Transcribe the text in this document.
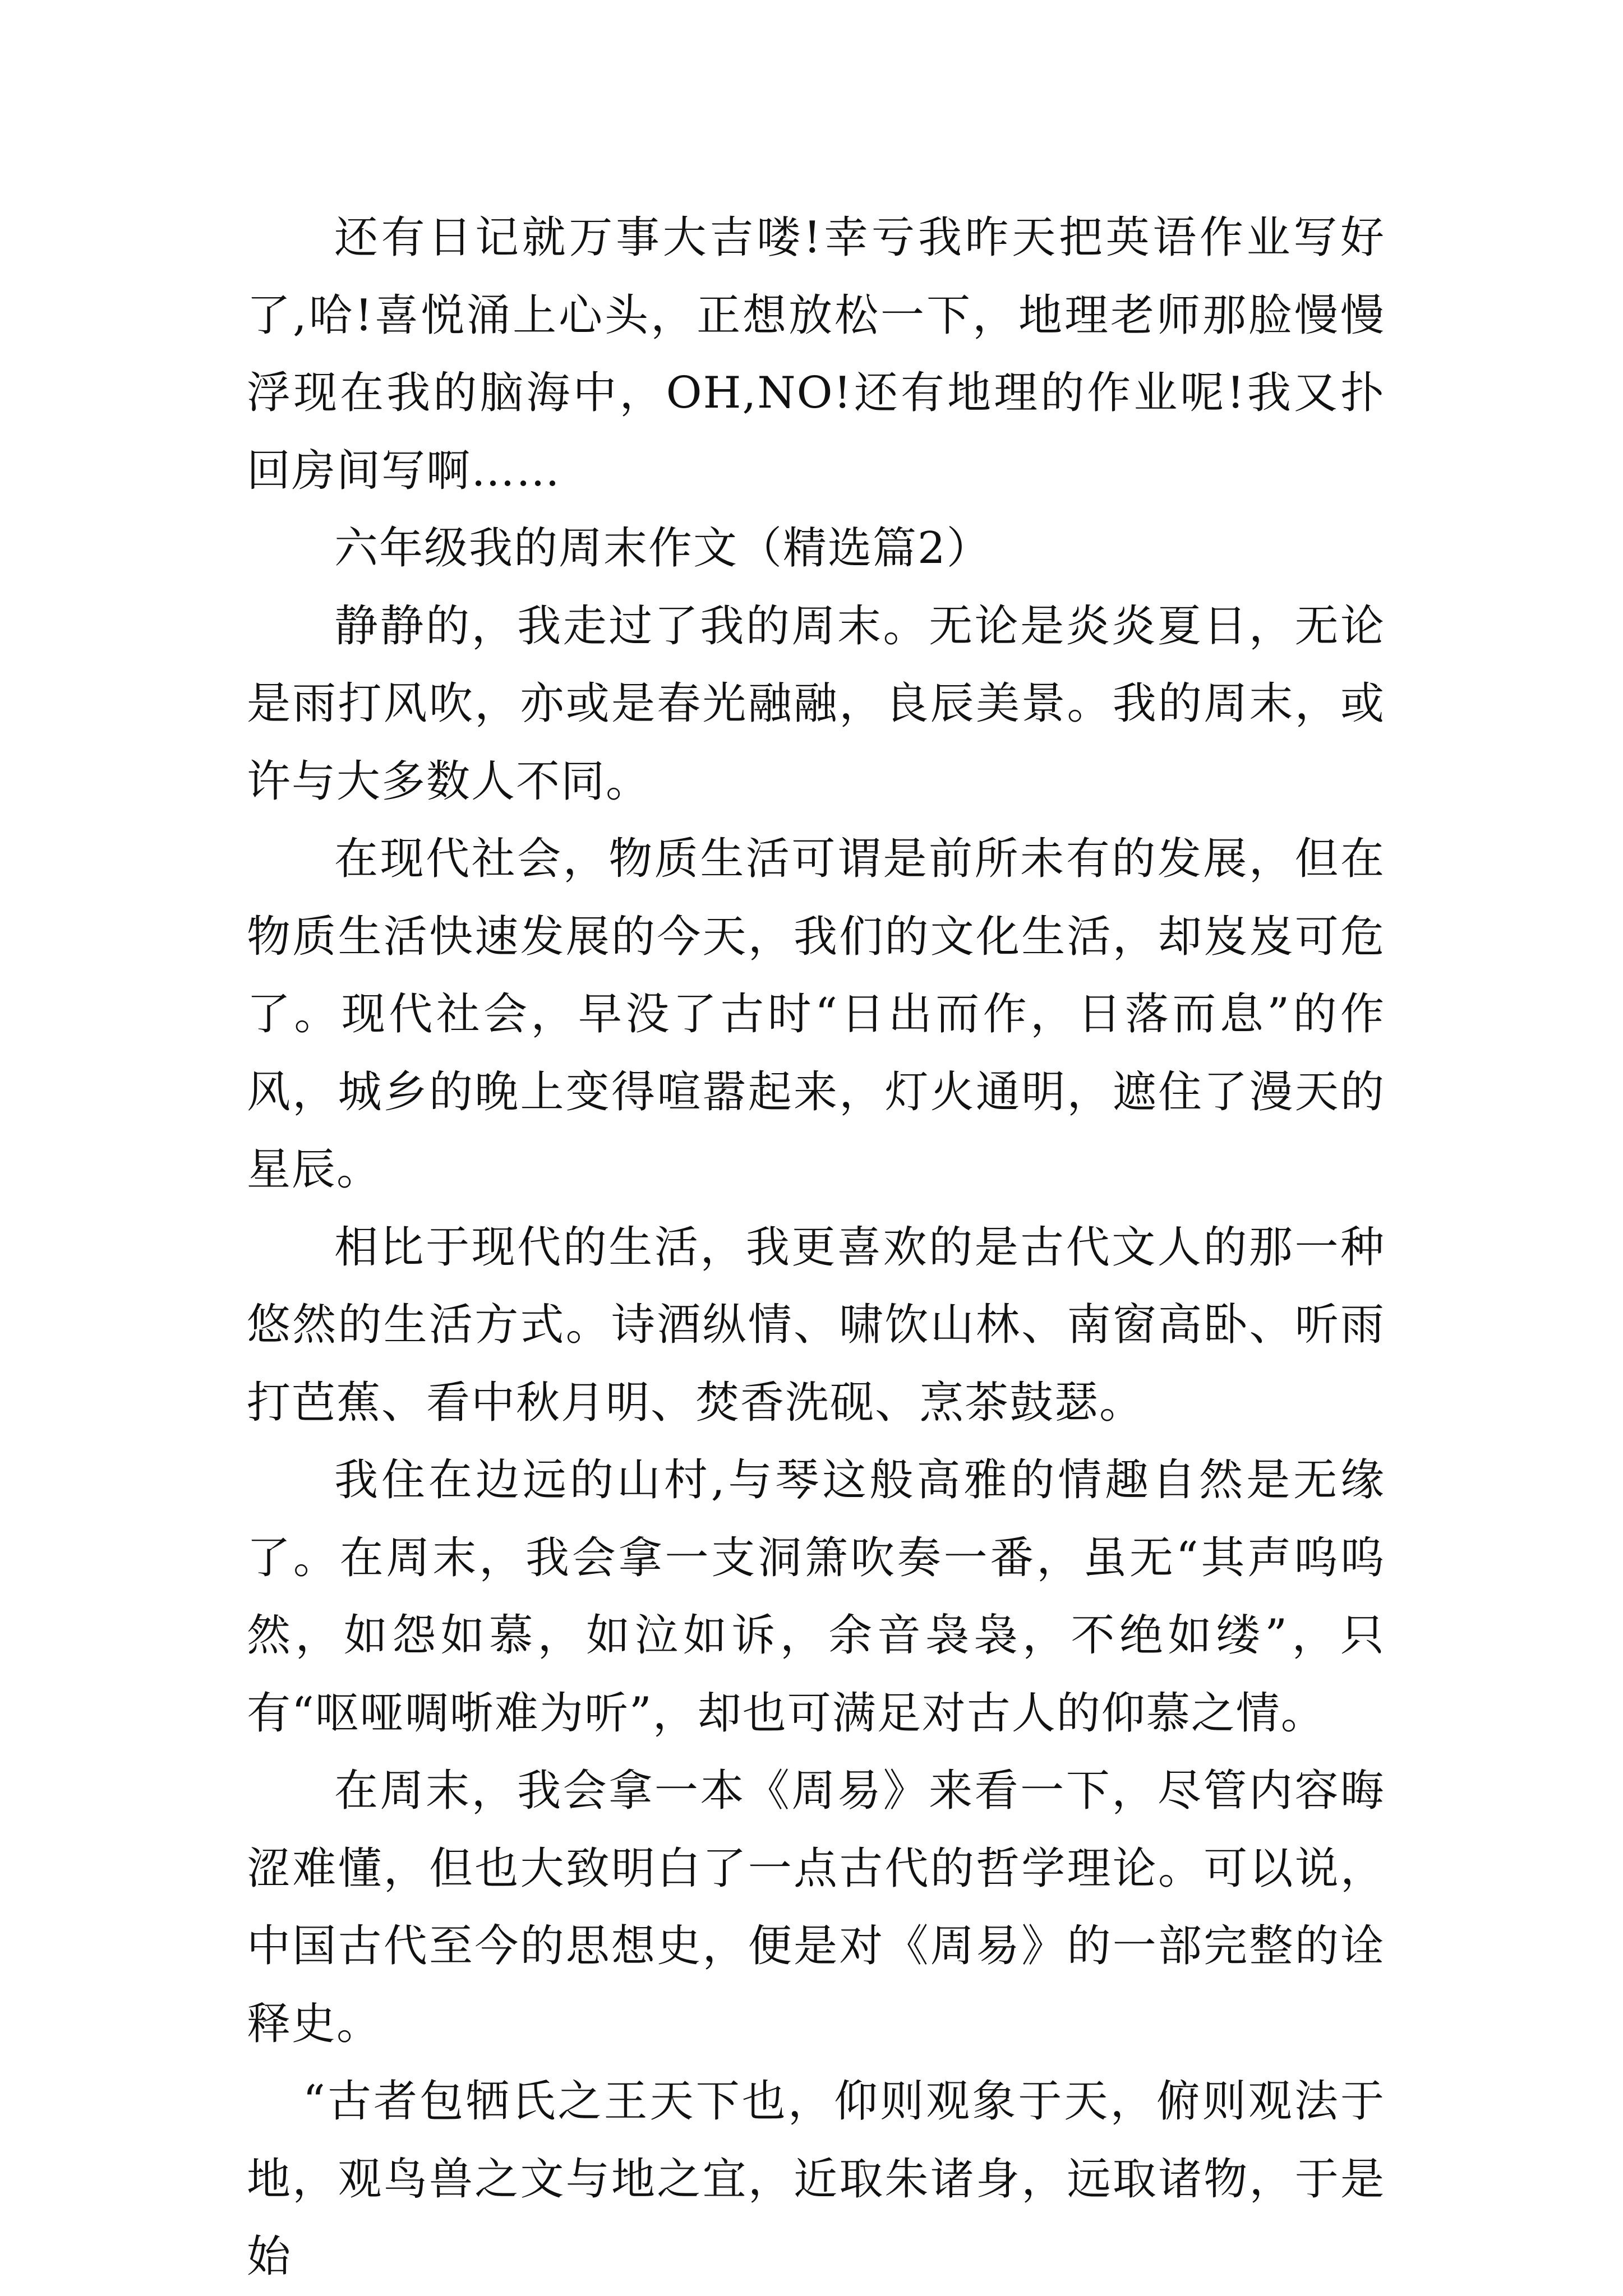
还有日记就万事大吉喽!幸亏我昨天把英语作业写好了,哈!喜悦涌上心头，正想放松一下，地理老师那脸慢慢浮现在我的脑海中，OH,NO!还有地理的作业呢!我又扑回房间写啊……

六年级我的周末作文（精选篇2）

静静的，我走过了我的周末。无论是炎炎夏日，无论是雨打风吹，亦或是春光融融，良辰美景。我的周末，或许与大多数人不同。

在现代社会，物质生活可谓是前所未有的发展，但在物质生活快速发展的今天，我们的文化生活，却岌岌可危了。现代社会，早没了古时“日出而作，日落而息”的作风，城乡的晚上变得喧嚣起来，灯火通明，遮住了漫天的星辰。

相比于现代的生活，我更喜欢的是古代文人的那一种悠然的生活方式。诗酒纵情、啸饮山林、南窗高卧、听雨打芭蕉、看中秋月明、焚香洗砚、烹茶鼓瑟。

我住在边远的山村,与琴这般高雅的情趣自然是无缘了。在周末，我会拿一支洞箫吹奏一番，虽无“其声呜呜然，如怨如慕，如泣如诉，余音袅袅，不绝如缕”，只有“呕哑啁哳难为听”，却也可满足对古人的仰慕之情。

在周末，我会拿一本《周易》来看一下，尽管内容晦涩难懂，但也大致明白了一点古代的哲学理论。可以说，中国古代至今的思想史，便是对《周易》的一部完整的诠释史。

“古者包牺氏之王天下也，仰则观象于天，俯则观法于地，观鸟兽之文与地之宜，近取朱诸身，远取诸物，于是始
